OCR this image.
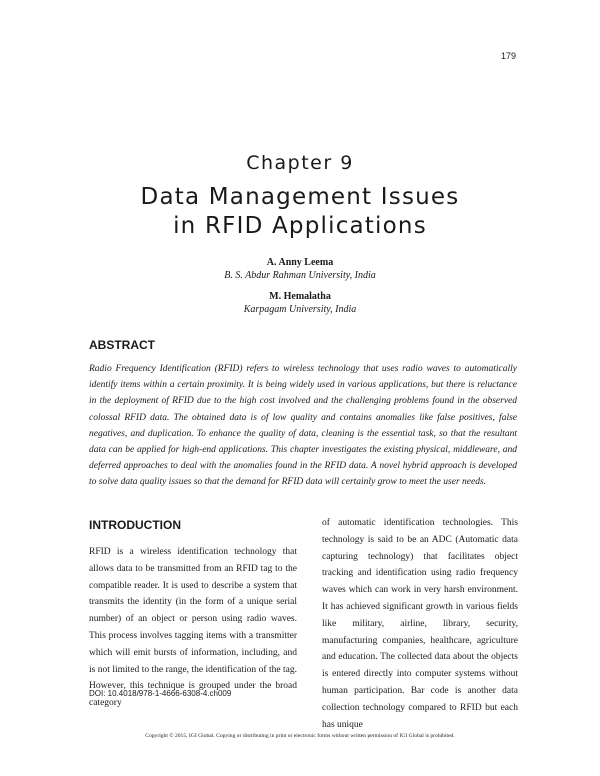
179
Chapter 9
Data Management Issues
in RFID Applications
A. Anny Leema
B. S. Abdur Rahman University, India
M. Hemalatha
Karpagam University, India
ABSTRACT
Radio Frequency Identification (RFID) refers to wireless technology that uses radio waves to automatically identify items within a certain proximity. It is being widely used in various applications, but there is reluctance in the deployment of RFID due to the high cost involved and the challenging problems found in the observed colossal RFID data. The obtained data is of low quality and contains anomalies like false positives, false negatives, and duplication. To enhance the quality of data, cleaning is the essential task, so that the resultant data can be applied for high-end applications. This chapter investigates the existing physical, middleware, and deferred approaches to deal with the anomalies found in the RFID data. A novel hybrid approach is developed to solve data quality issues so that the demand for RFID data will certainly grow to meet the user needs.
INTRODUCTION
RFID is a wireless identification technology that allows data to be transmitted from an RFID tag to the compatible reader. It is used to describe a system that transmits the identity (in the form of a unique serial number) of an object or person using radio waves. This process involves tagging items with a transmitter which will emit bursts of information, including, and is not limited to the range, the identification of the tag. However, this technique is grouped under the broad category
of automatic identification technologies. This technology is said to be an ADC (Automatic data capturing technology) that facilitates object tracking and identification using radio frequency waves which can work in very harsh environment. It has achieved significant growth in various fields like military, airline, library, security, manufacturing companies, healthcare, agriculture and education. The collected data about the objects is entered directly into computer systems without human participation. Bar code is another data collection technology compared to RFID but each has unique
DOI: 10.4018/978-1-4666-6308-4.ch009
Copyright © 2015, IGI Global. Copying or distributing in print or electronic forms without written permission of IGI Global is prohibited.
